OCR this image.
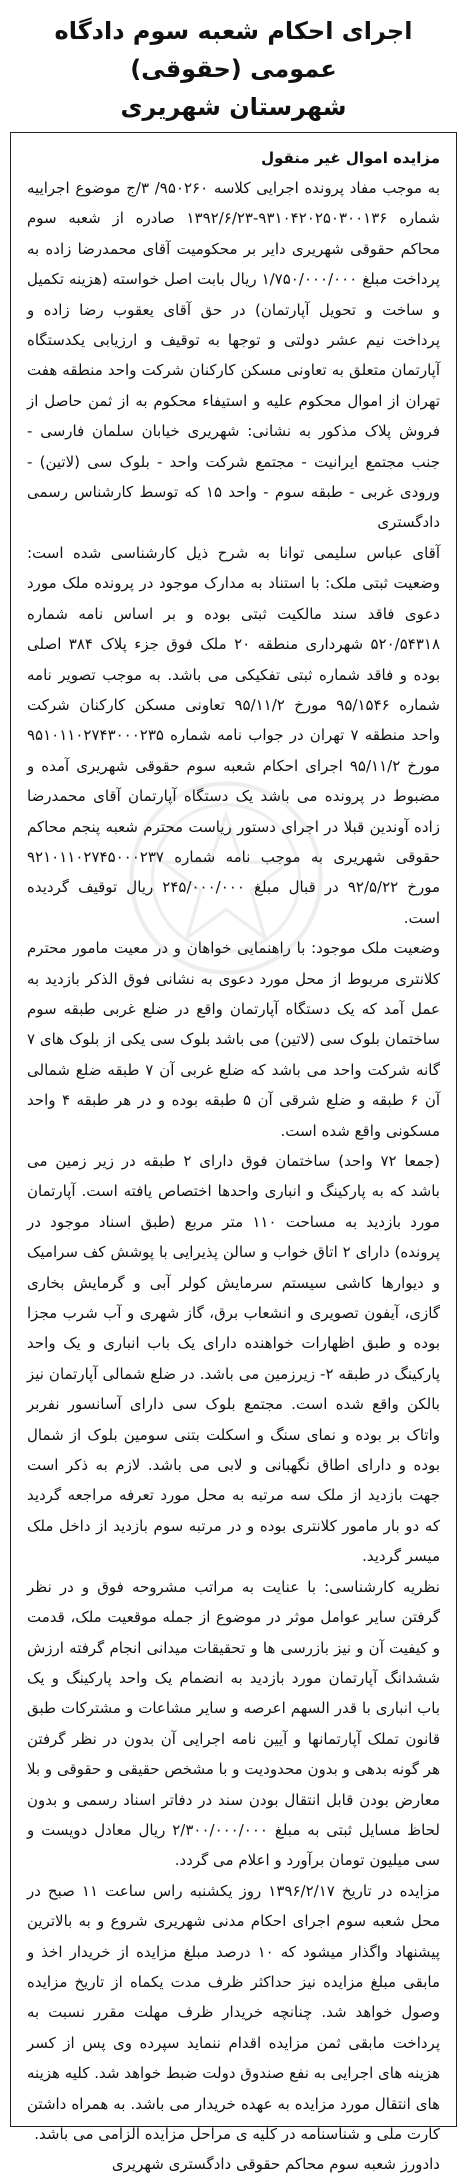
اجرای احکام شعبه سوم دادگاه عمومی (حقوقی)
شهرستان شهریری

مزایده اموال غیر منقول

به موجب مفاد پرونده اجرایی کلاسه ۹۵۰۲۶۰/ ۳/ج موضوع اجراییه شماره ۹۳۱۰۴۲۰۲۵۰۳۰۰۱۳۶-۱۳۹۲/۶/۲۳ صادره از شعبه سوم محاکم حقوقی شهریری دایر بر محکومیت آقای محمدرضا زاده به پرداخت مبلغ ۱/۷۵۰/۰۰۰/۰۰۰ ریال بابت اصل خواسته (هزینه تکمیل و ساخت و تحویل آپارتمان) در حق آقای یعقوب رضا زاده و پرداخت نیم عشر دولتی و توجها به توقیف و ارزیابی یکدستگاه آپارتمان متعلق به تعاونی مسکن کارکنان شرکت واحد منطقه هفت تهران از اموال محکوم علیه و استیفاء محکوم به از ثمن حاصل از فروش پلاک مذکور به نشانی: شهریری خیابان سلمان فارسی - جنب مجتمع ایرانیت - مجتمع شرکت واحد - بلوک سی (لاتین) - ورودی غربی - طبقه سوم - واحد ۱۵ که توسط کارشناس رسمی دادگستری

آقای عباس سلیمی توانا به شرح ذیل کارشناسی شده است: وضعیت ثبتی ملک: با استناد به مدارک موجود در پرونده ملک مورد دعوی فاقد سند مالکیت ثبتی بوده و بر اساس نامه شماره ۵۲۰/۵۴۳۱۸ شهرداری منطقه ۲۰ ملک فوق جزء پلاک ۳۸۴ اصلی بوده و فاقد شماره ثبتی تفکیکی می باشد. به موجب تصویر نامه شماره ۹۵/۱۵۴۶ مورخ ۹۵/۱۱/۲ تعاونی مسکن کارکنان شرکت واحد منطقه ۷ تهران در جواب نامه شماره ۹۵۱۰۱۱۰۲۷۴۳۰۰۰۲۳۵ مورخ ۹۵/۱۱/۲ اجرای احکام شعبه سوم حقوقی شهریری آمده و مضبوط در پرونده می باشد یک دستگاه آپارتمان آقای محمدرضا زاده آوندین قبلا در اجرای دستور ریاست محترم شعبه پنجم محاکم حقوقی شهریری به موجب نامه شماره ۹۲۱۰۱۱۰۲۷۴۵۰۰۰۲۳۷ مورخ ۹۲/۵/۲۲ در قبال مبلغ ۲۴۵/۰۰۰/۰۰۰ ریال توقیف گردیده است.

وضعیت ملک موجود: با راهنمایی خواهان و در معیت مامور محترم کلانتری مربوط از محل مورد دعوی به نشانی فوق الذکر بازدید به عمل آمد که یک دستگاه آپارتمان واقع در ضلع غربی طبقه سوم ساختمان بلوک سی (لاتین) می باشد بلوک سی یکی از بلوک های ۷ گانه شرکت واحد می باشد که ضلع غربی آن ۷ طبقه ضلع شمالی آن ۶ طبقه و ضلع شرقی آن ۵ طبقه بوده و در هر طبقه ۴ واحد مسکونی واقع شده است.

(جمعا ۷۲ واحد) ساختمان فوق دارای ۲ طبقه در زیر زمین می باشد که به پارکینگ و انباری واحدها اختصاص یافته است. آپارتمان مورد بازدید به مساحت ۱۱۰ متر مربع (طبق اسناد موجود در پرونده) دارای ۲ اتاق خواب و سالن پذیرایی با پوشش کف سرامیک و دیوارها کاشی سیستم سرمایش کولر آبی و گرمایش بخاری گازی، آیفون تصویری و انشعاب برق، گاز شهری و آب شرب مجزا بوده و طبق اظهارات خواهنده دارای یک باب انباری و یک واحد پارکینگ در طبقه ۲- زیرزمین می باشد. در ضلع شمالی آپارتمان نیز بالکن واقع شده است. مجتمع بلوک سی دارای آسانسور نفربر واتاک بر بوده و نمای سنگ و اسکلت بتنی سومین بلوک از شمال بوده و دارای اطاق نگهبانی و لابی می باشد. لازم به ذکر است جهت بازدید از ملک سه مرتبه به محل مورد تعرفه مراجعه گردید که دو بار مامور کلانتری بوده و در مرتبه سوم بازدید از داخل ملک میسر گردید.

نظریه کارشناسی: با عنایت به مراتب مشروحه فوق و در نظر گرفتن سایر عوامل موثر در موضوع از جمله موقعیت ملک، قدمت و کیفیت آن و نیز بازرسی ها و تحقیقات میدانی انجام گرفته ارزش ششدانگ آپارتمان مورد بازدید به انضمام یک واحد پارکینگ و یک باب انباری با قدر السهم اعرصه و سایر مشاعات و مشترکات طبق قانون تملک آپارتمانها و آیین نامه اجرایی آن بدون در نظر گرفتن هر گونه بدهی و بدون محدودیت و با مشخص حقیقی و حقوقی و بلا معارض بودن قابل انتقال بودن سند در دفاتر اسناد رسمی و بدون لحاظ مسایل ثبتی به مبلغ ۲/۳۰۰/۰۰۰/۰۰۰ ریال معادل دویست و سی میلیون تومان برآورد و اعلام می گردد.

مزایده در تاریخ ۱۳۹۶/۲/۱۷ روز یکشنبه راس ساعت ۱۱ صبح در محل شعبه سوم اجرای احکام مدنی شهریری شروع و به بالاترین پیشنهاد واگذار میشود که ۱۰ درصد مبلغ مزایده از خریدار اخذ و مابقی مبلغ مزایده نیز حداکثر ظرف مدت یکماه از تاریخ مزایده وصول خواهد شد. چنانچه خریدار ظرف مهلت مقرر نسبت به پرداخت مابقی ثمن مزایده اقدام ننماید سپرده وی پس از کسر هزینه های اجرایی به نفع صندوق دولت ضبط خواهد شد. کلیه هزینه های انتقال مورد مزایده به عهده خریدار می باشد. به همراه داشتن کارت ملی و شناسنامه در کلیه ی مراحل مزایده الزامی می باشد.

دادورز شعبه سوم محاکم حقوقی دادگستری شهریری
